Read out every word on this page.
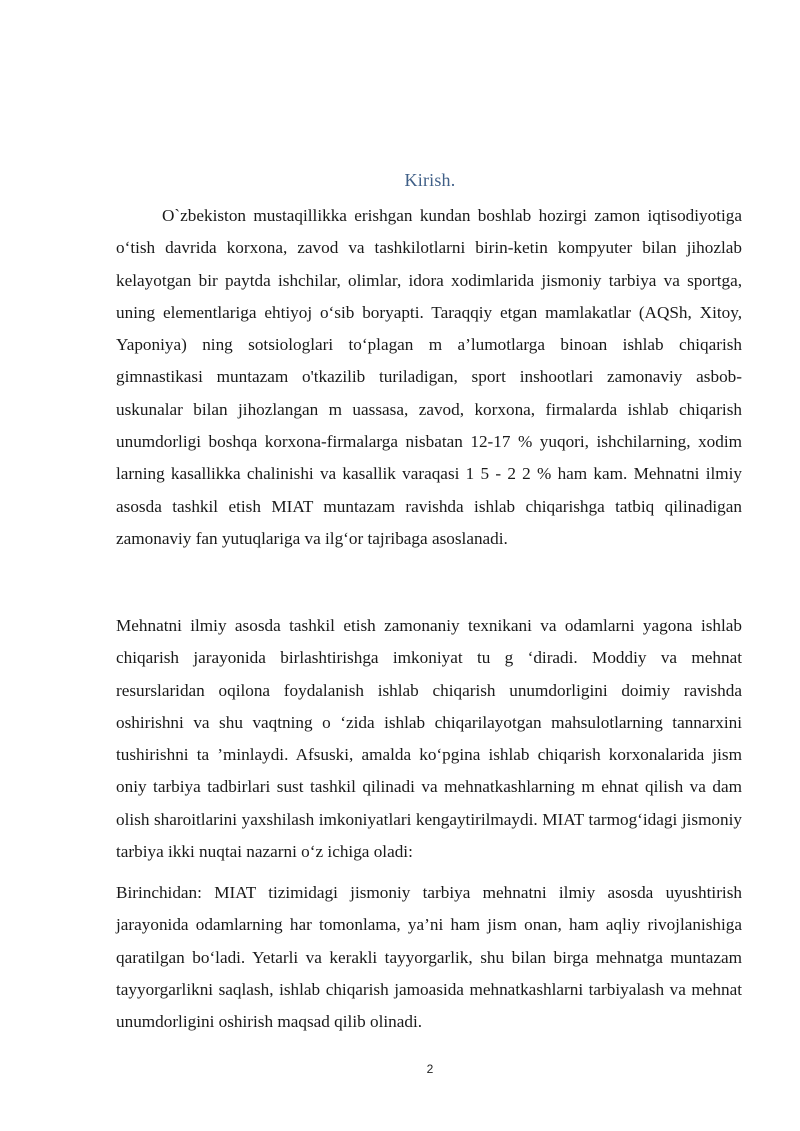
Kirish.

O`zbekiston mustaqillikka erishgan kundan boshlab hozirgi zamon iqtisodiyotiga o‘tish davrida korxona, zavod va tashkilotlarni birin-ketin kompyuter bilan jihozlab kelayotgan bir paytda ishchilar, olimlar, idora xodimlarida jismoniy tarbiya va sportga, uning elementlariga ehtiyoj o‘sib boryapti. Taraqqiy etgan mamlakatlar (AQSh, Xitoy, Yaponiya) ning sotsiologlari to‘plagan m a’lumotlarga binoan ishlab chiqarish gimnastikasi muntazam o'tkazilib turiladigan, sport inshootlari zamonaviy asbob-uskunalar bilan jihozlangan m uassasa, zavod, korxona, firmalarda ishlab chiqarish unumdorligi boshqa korxona-firmalarga nisbatan 12-17 % yuqori, ishchilarning, xodim larning kasallikka chalinishi va kasallik varaqasi 1 5 - 2 2 % ham kam. Mehnatni ilmiy asosda tashkil etish MIAT muntazam ravishda ishlab chiqarishga tatbiq qilinadigan zamonaviy fan yutuqlariga va ilg‘or tajribaga asoslanadi.

Mehnatni ilmiy asosda tashkil etish zamonaniy texnikani va odamlarni yagona ishlab chiqarish jarayonida birlashtirishga imkoniyat tu g ‘diradi. Moddiy va mehnat resurslaridan oqilona foydalanish ishlab chiqarish unumdorligini doimiy ravishda oshirishni va shu vaqtning o ‘zida ishlab chiqarilayotgan mahsulotlarning tannarxini tushirishni ta ’minlaydi. Afsuski, amalda ko‘pgina ishlab chiqarish korxonalarida jism oniy tarbiya tadbirlari sust tashkil qilinadi va mehnatkashlarning m ehnat qilish va dam olish sharoitlarini yaxshilash imkoniyatlari kengaytirilmaydi. MIAT tarmog‘idagi jismoniy tarbiya ikki nuqtai nazarni o‘z ichiga oladi:

Birinchidan: MIAT tizimidagi jismoniy tarbiya mehnatni ilmiy asosda uyushtirish jarayonida odamlarning har tomonlama, ya’ni ham jism onan, ham aqliy rivojlanishiga qaratilgan bo‘ladi. Yetarli va kerakli tayyorgarlik, shu bilan birga mehnatga muntazam tayyorgarlikni saqlash, ishlab chiqarish jamoasida mehnatkashlarni tarbiyalash va mehnat unumdorligini oshirish maqsad qilib olinadi.

2
